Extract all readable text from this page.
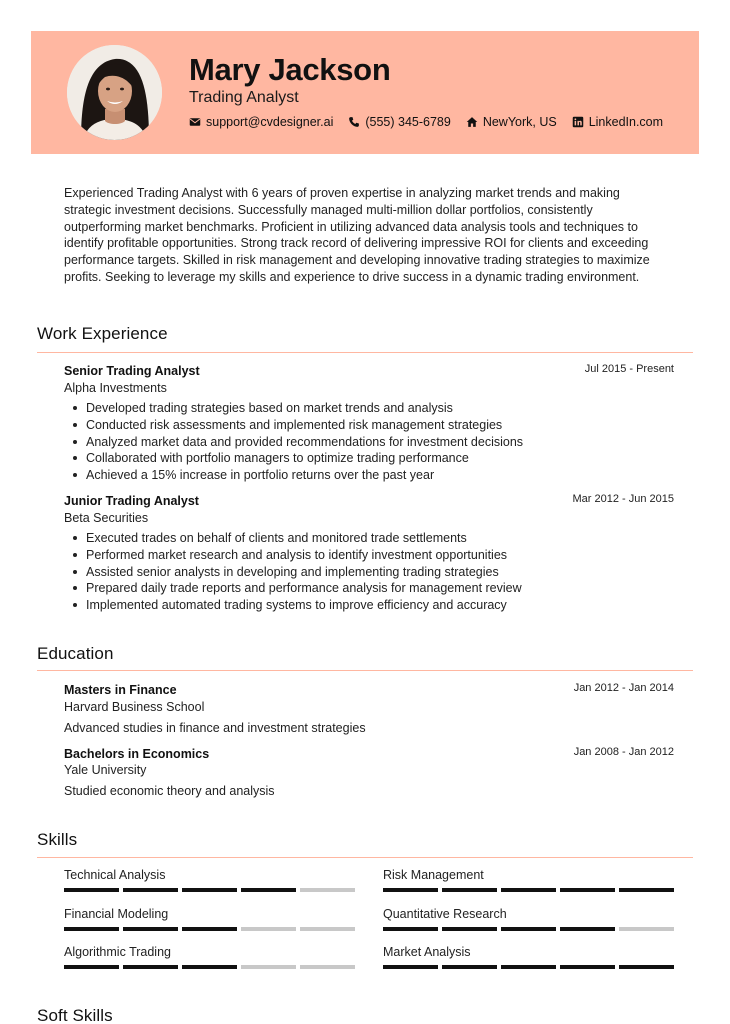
Mary Jackson
Trading Analyst
support@cvdesigner.ai	(555) 345-6789	NewYork, US	LinkedIn.com
Experienced Trading Analyst with 6 years of proven expertise in analyzing market trends and making strategic investment decisions. Successfully managed multi-million dollar portfolios, consistently outperforming market benchmarks. Proficient in utilizing advanced data analysis tools and techniques to identify profitable opportunities. Strong track record of delivering impressive ROI for clients and exceeding performance targets. Skilled in risk management and developing innovative trading strategies to maximize profits. Seeking to leverage my skills and experience to drive success in a dynamic trading environment.
Work Experience
Senior Trading Analyst	Jul 2015 - Present
Alpha Investments
Developed trading strategies based on market trends and analysis
Conducted risk assessments and implemented risk management strategies
Analyzed market data and provided recommendations for investment decisions
Collaborated with portfolio managers to optimize trading performance
Achieved a 15% increase in portfolio returns over the past year
Junior Trading Analyst	Mar 2012 - Jun 2015
Beta Securities
Executed trades on behalf of clients and monitored trade settlements
Performed market research and analysis to identify investment opportunities
Assisted senior analysts in developing and implementing trading strategies
Prepared daily trade reports and performance analysis for management review
Implemented automated trading systems to improve efficiency and accuracy
Education
Masters in Finance	Jan 2012 - Jan 2014
Harvard Business School
Advanced studies in finance and investment strategies
Bachelors in Economics	Jan 2008 - Jan 2012
Yale University
Studied economic theory and analysis
Skills
Technical Analysis	Risk Management
Financial Modeling	Quantitative Research
Algorithmic Trading	Market Analysis
Soft Skills
